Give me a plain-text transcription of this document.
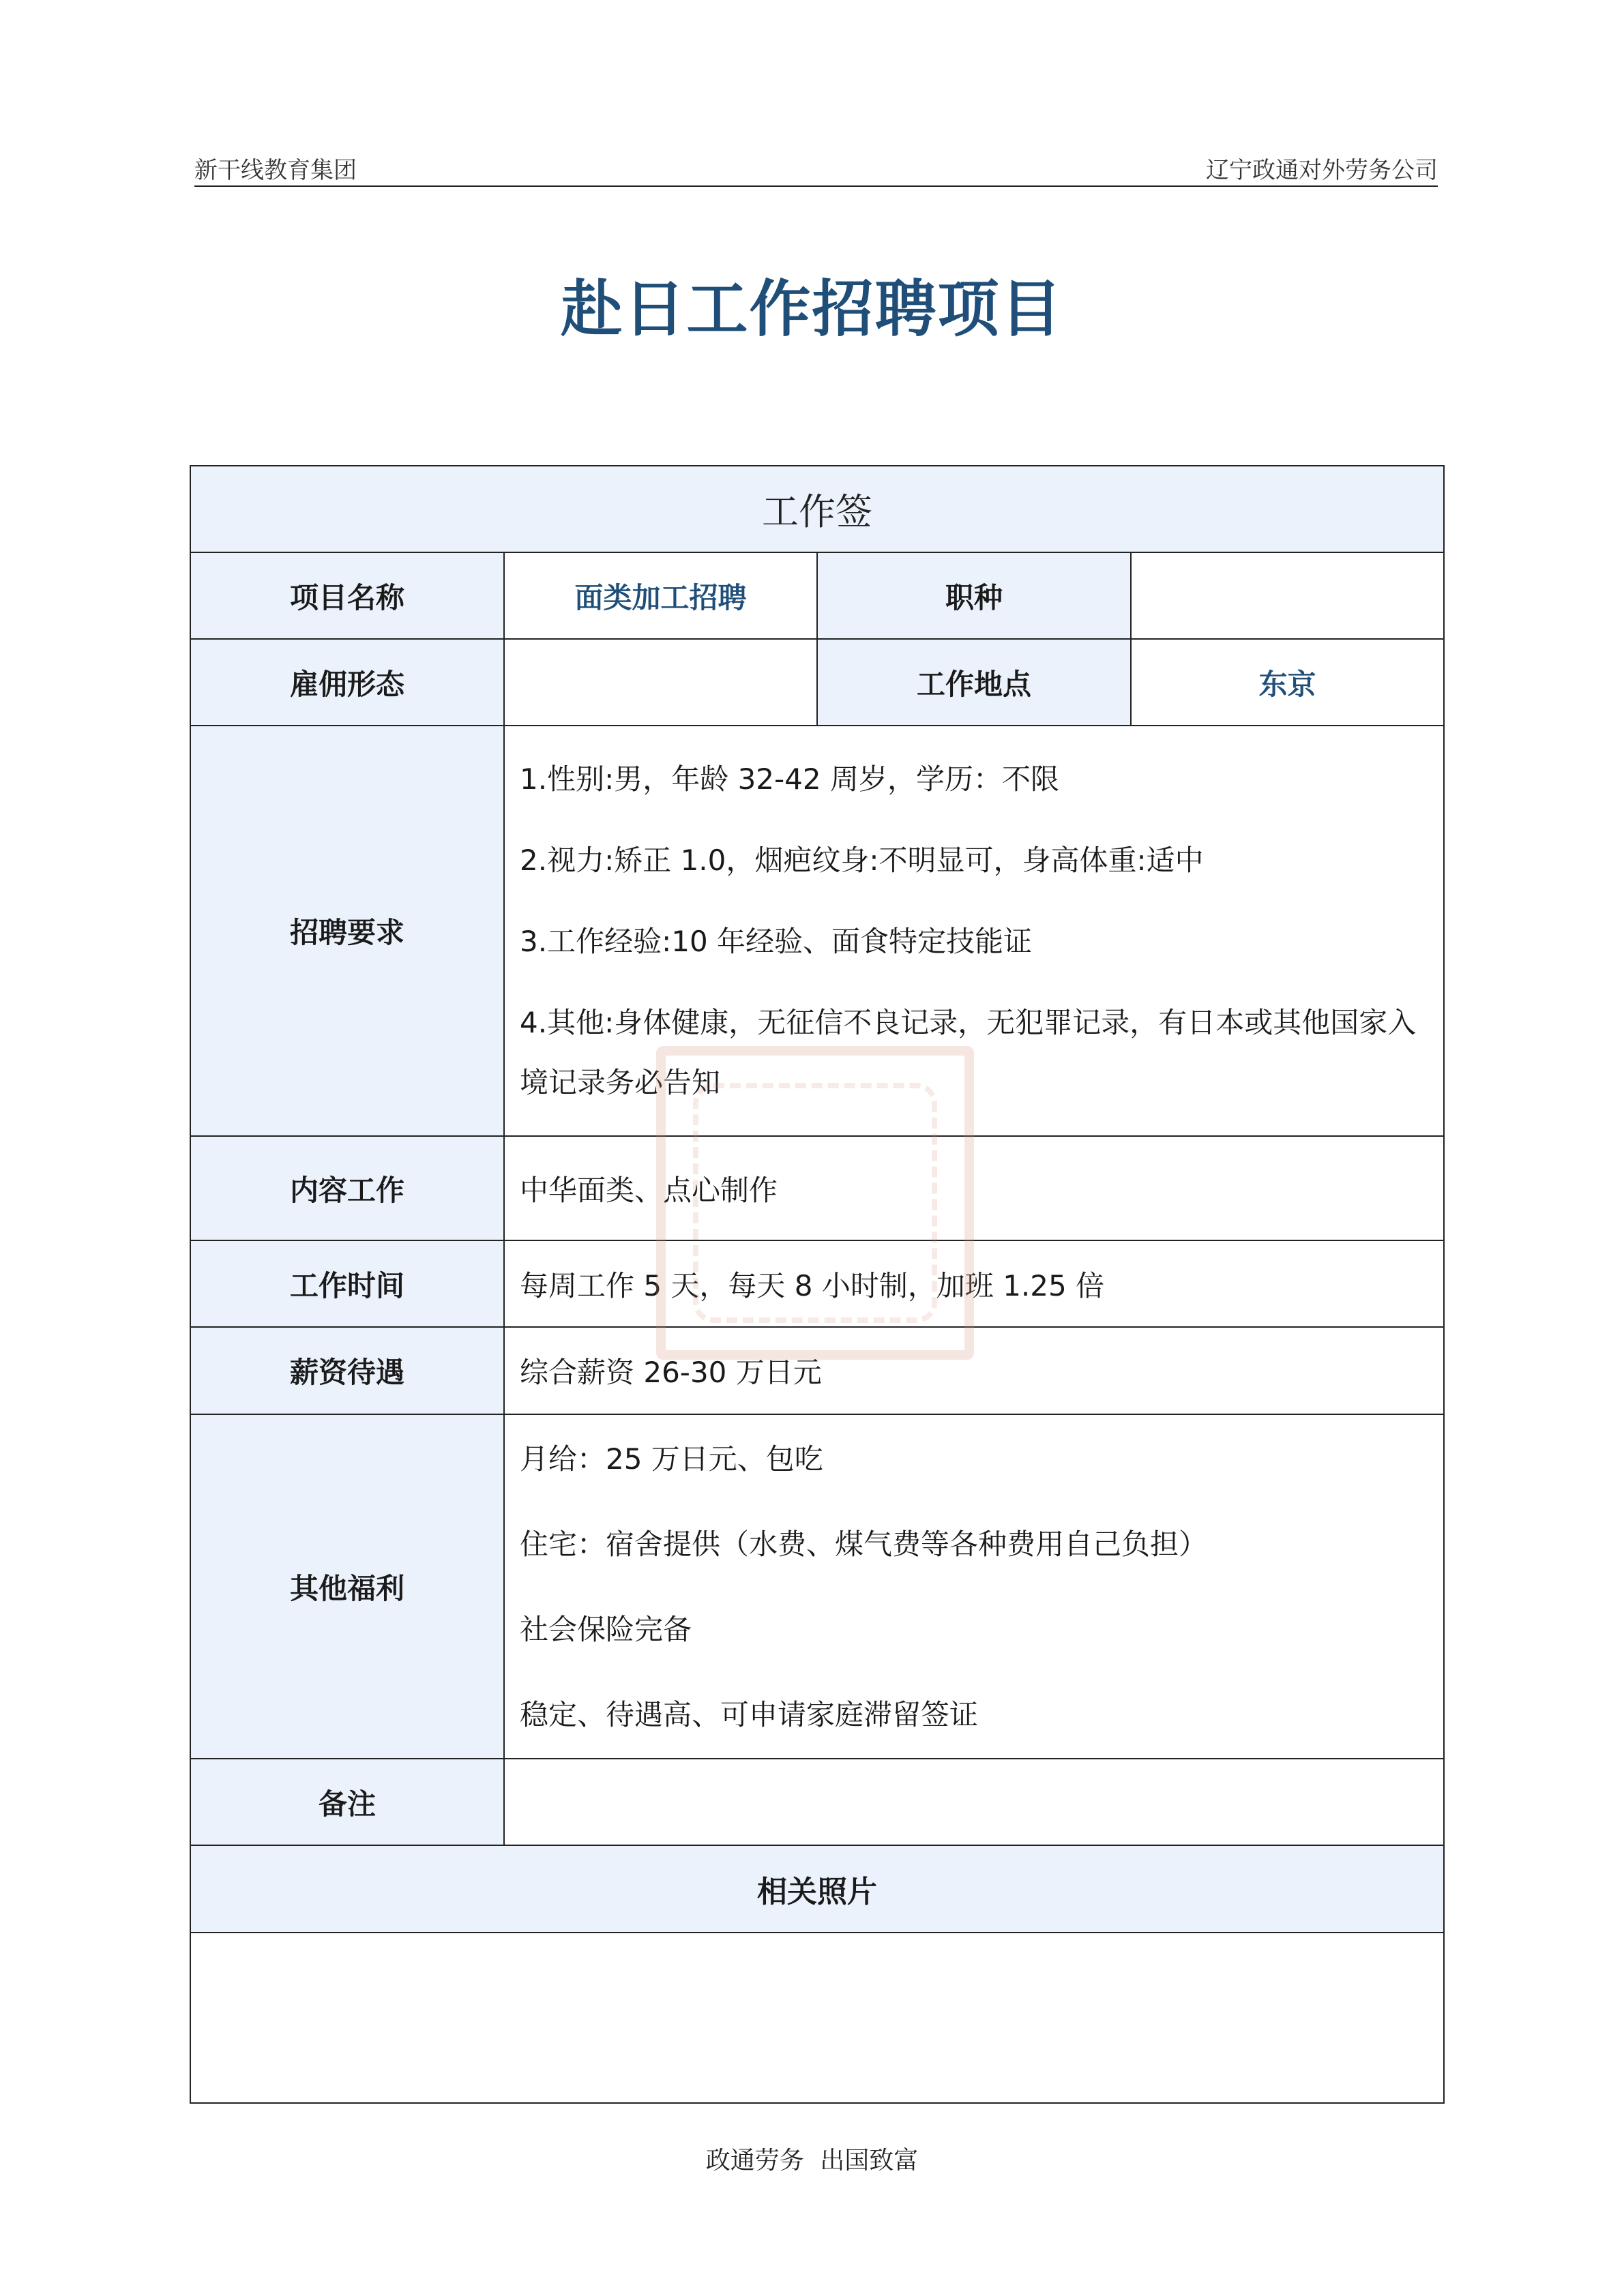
新干线教育集团	辽宁政通对外劳务公司
赴日工作招聘项目
工作签			
项目名称	面类加工招聘	职种	
雇佣形态		工作地点	东京
招聘要求	1.性别:男，年龄 32-42 周岁，学历：不限

2.视力:矫正 1.0，烟疤纹身:不明显可，身高体重:适中

3.工作经验:10 年经验、面食特定技能证

4.其他:身体健康，无征信不良记录，无犯罪记录，有日本或其他国家入境记录务必告知		

内容工作	中华面类、点心制作		
工作时间	每周工作 5 天，每天 8 小时制，加班 1.25 倍		
薪资待遇	综合薪资 26-30 万日元		
其他福利	月给：25 万日元、包吃

住宅：宿舍提供（水费、煤气费等各种费用自己负担）

社会保险完备

稳定、待遇高、可申请家庭滞留签证		

备注			
相关照片			

政通劳务 出国致富
